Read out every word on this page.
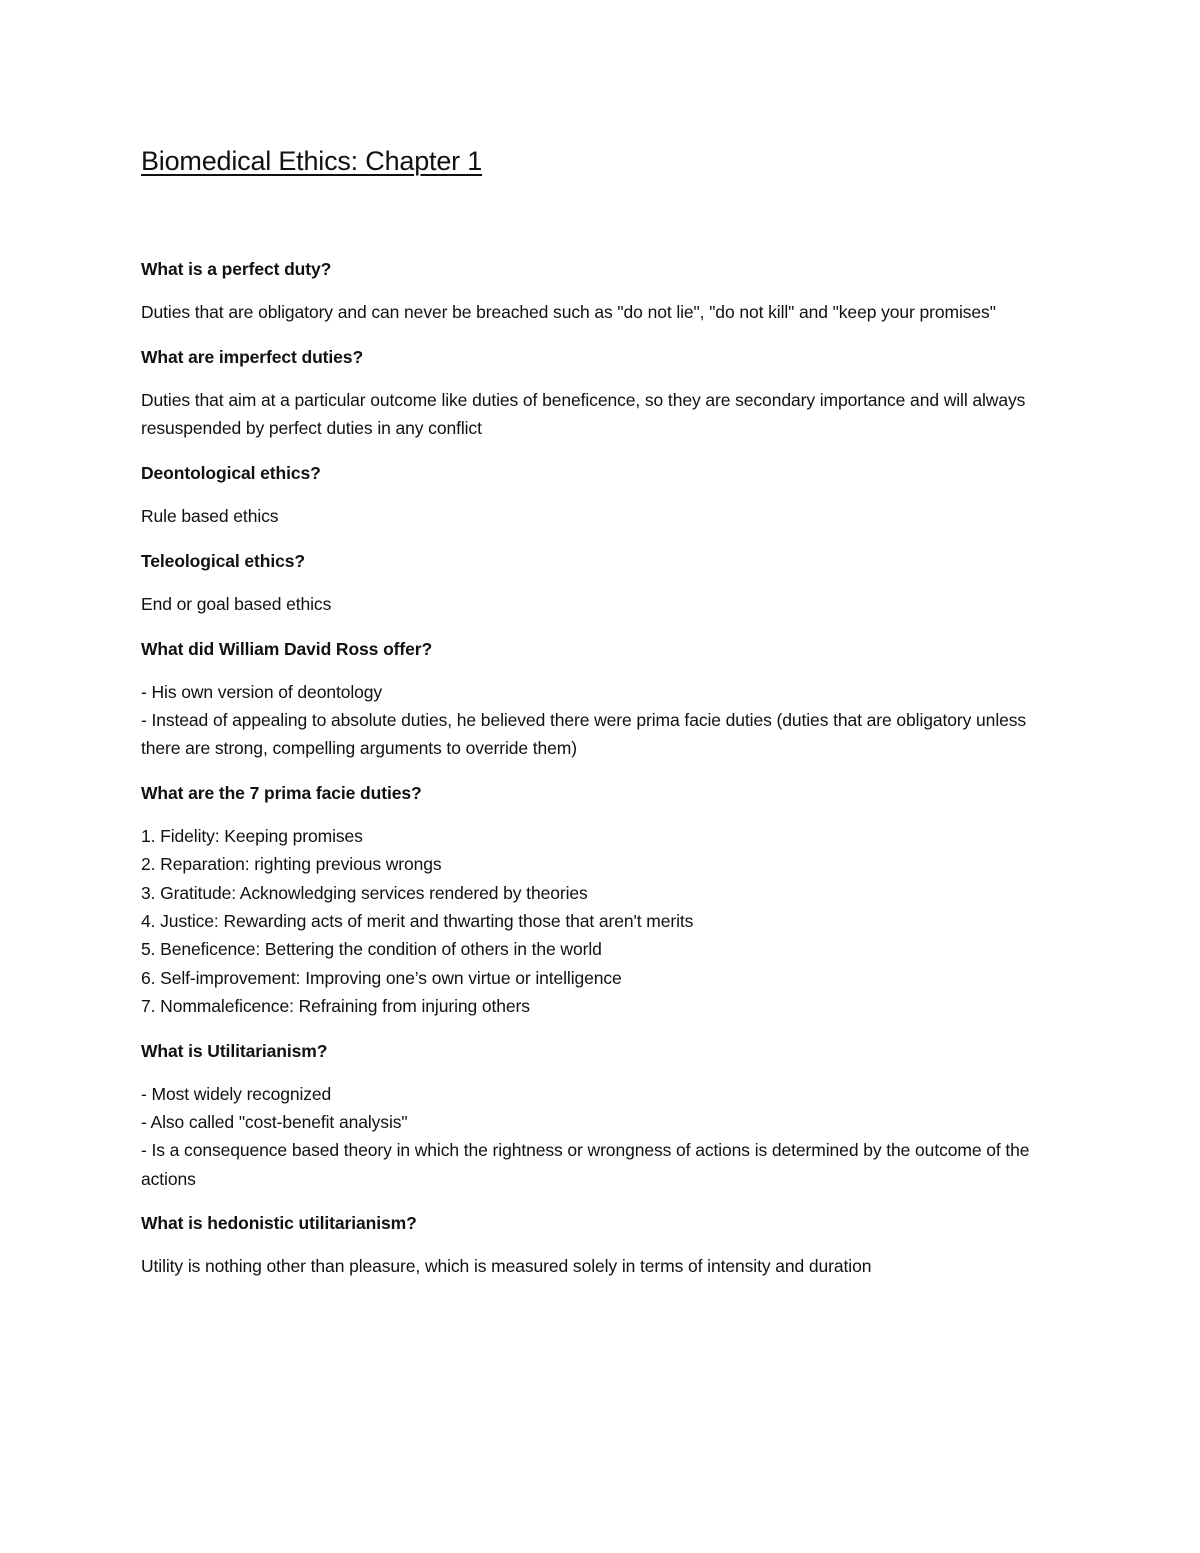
Biomedical Ethics: Chapter 1

What is a perfect duty?

Duties that are obligatory and can never be breached such as "do not lie", "do not kill" and "keep your promises"

What are imperfect duties?

Duties that aim at a particular outcome like duties of beneficence, so they are secondary importance and will always resuspended by perfect duties in any conflict

Deontological ethics?

Rule based ethics

Teleological ethics?

End or goal based ethics

What did William David Ross offer?

- His own version of deontology
- Instead of appealing to absolute duties, he believed there were prima facie duties (duties that are obligatory unless there are strong, compelling arguments to override them)

What are the 7 prima facie duties?

1. Fidelity: Keeping promises
2. Reparation: righting previous wrongs
3. Gratitude: Acknowledging services rendered by theories
4. Justice: Rewarding acts of merit and thwarting those that aren't merits
5. Beneficence: Bettering the condition of others in the world
6. Self-improvement: Improving one’s own virtue or intelligence
7. Nommaleficence: Refraining from injuring others

What is Utilitarianism?

- Most widely recognized
- Also called "cost-benefit analysis"
- Is a consequence based theory in which the rightness or wrongness of actions is determined by the outcome of the actions

What is hedonistic utilitarianism?

Utility is nothing other than pleasure, which is measured solely in terms of intensity and duration
